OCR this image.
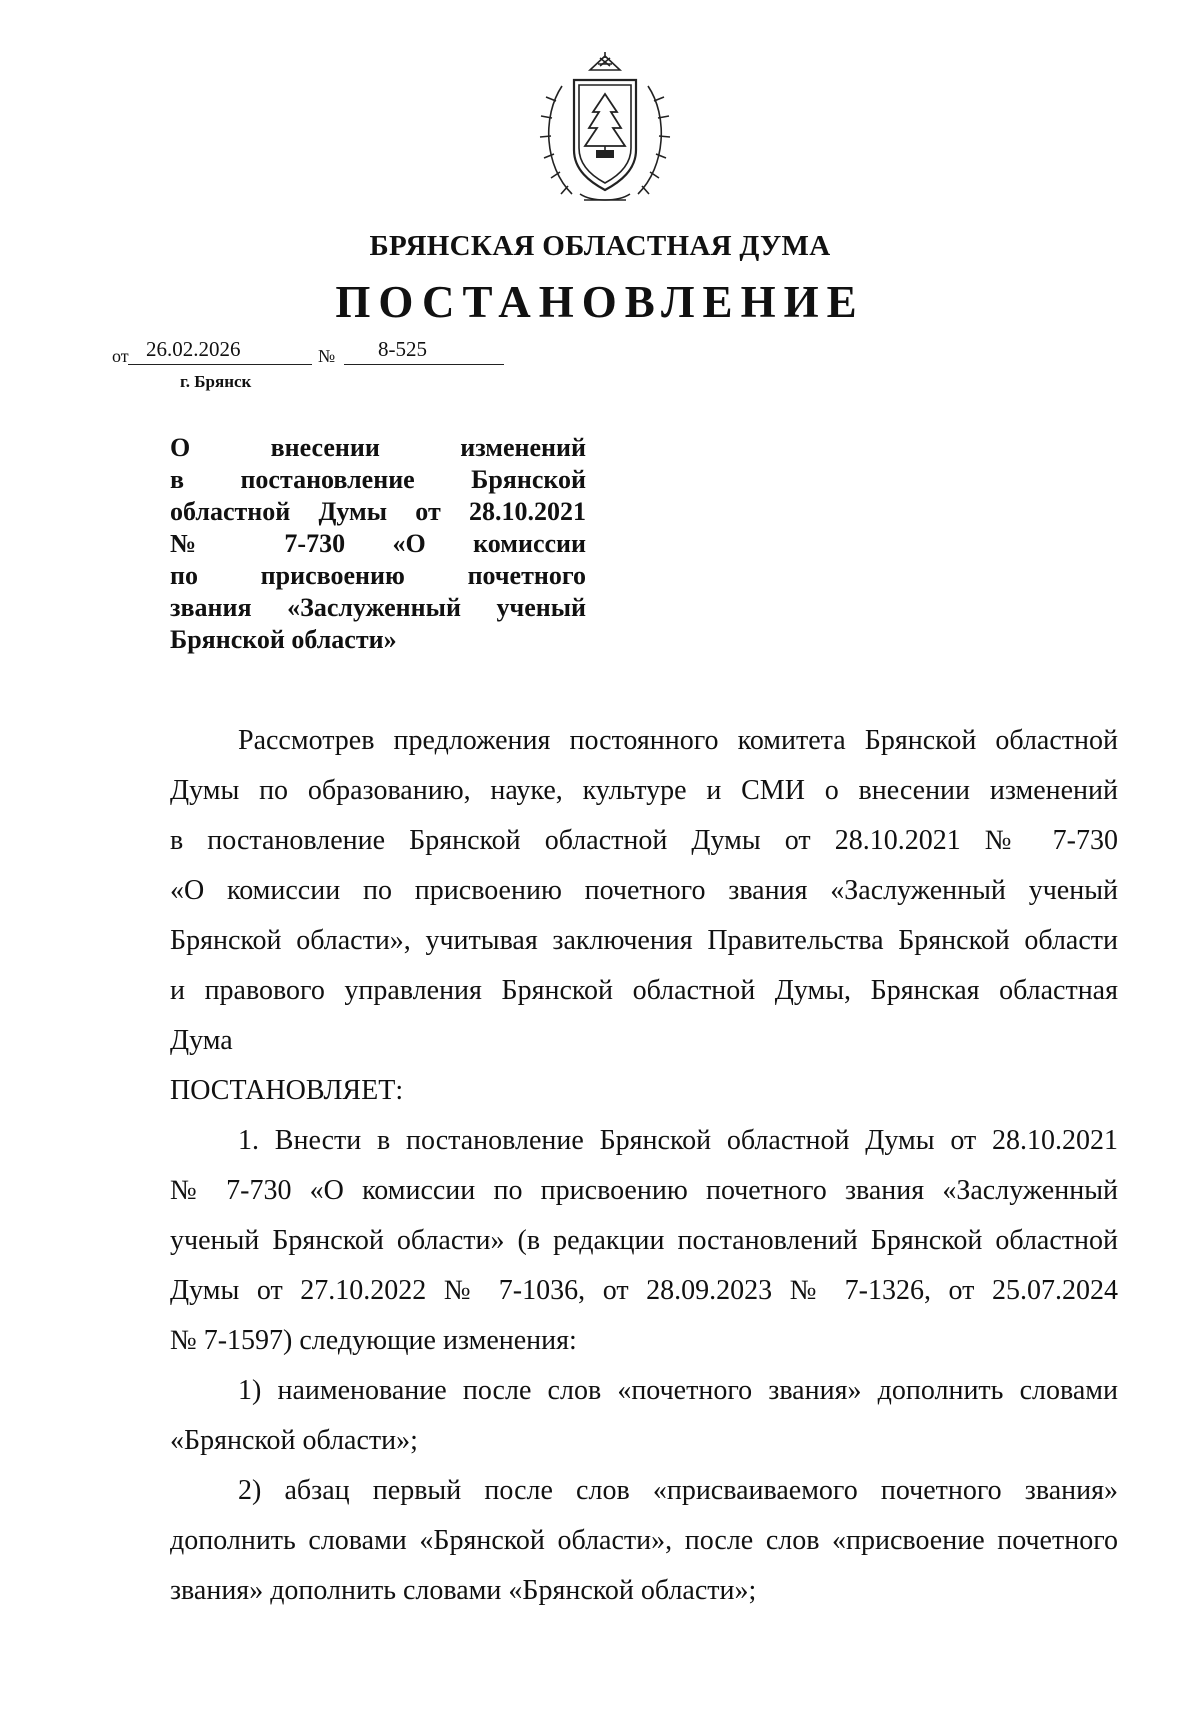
БРЯНСКАЯ ОБЛАСТНАЯ ДУМА
ПОСТАНОВЛЕНИЕ
от 26.02.2026	№ 8-525
г. Брянск
О внесении изменений
в постановление Брянской
областной Думы от 28.10.2021
№ 7-730 «О комиссии
по присвоению почетного
звания «Заслуженный ученый
Брянской области»
Рассмотрев предложения постоянного комитета Брянской областной
Думы по образованию, науке, культуре и СМИ о внесении изменений
в постановление Брянской областной Думы от 28.10.2021 № 7-730
«О комиссии по присвоению почетного звания «Заслуженный ученый
Брянской области», учитывая заключения Правительства Брянской области
и правового управления Брянской областной Думы, Брянская областная
Дума
ПОСТАНОВЛЯЕТ:
1. Внести в постановление Брянской областной Думы от 28.10.2021
№ 7-730 «О комиссии по присвоению почетного звания «Заслуженный
ученый Брянской области» (в редакции постановлений Брянской областной
Думы от 27.10.2022 № 7-1036, от 28.09.2023 № 7-1326, от 25.07.2024
№ 7-1597) следующие изменения:
1) наименование после слов «почетного звания» дополнить словами
«Брянской области»;
2) абзац первый после слов «присваиваемого почетного звания»
дополнить словами «Брянской области», после слов «присвоение почетного
звания» дополнить словами «Брянской области»;
